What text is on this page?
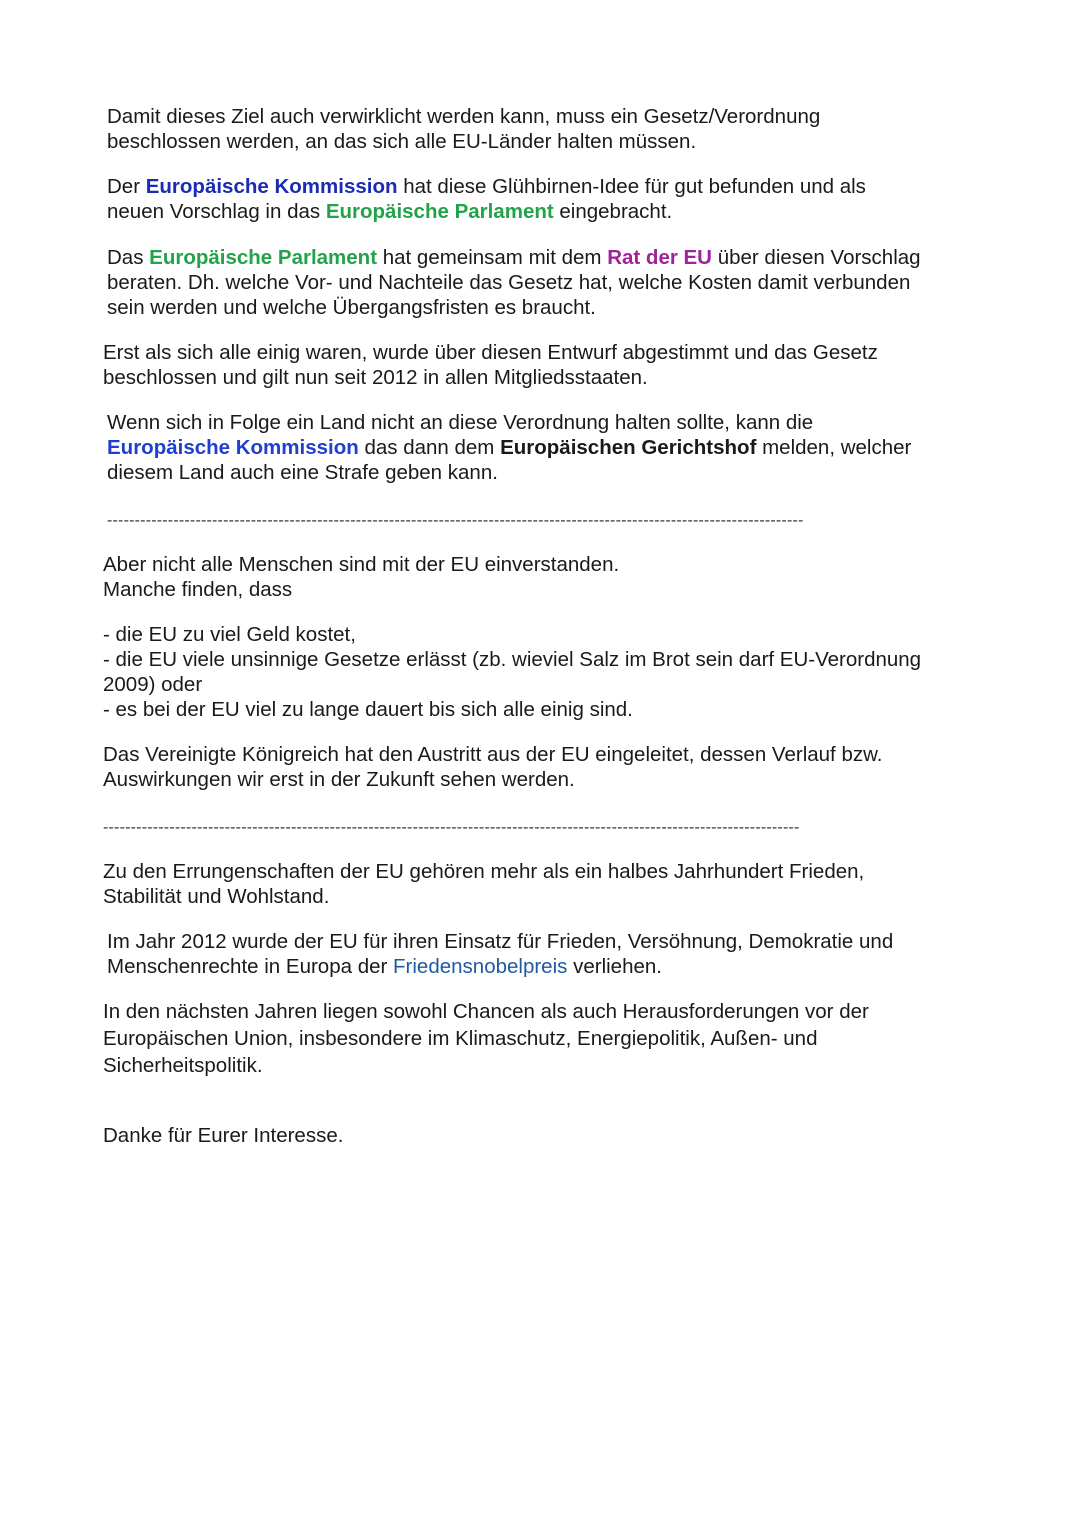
Damit dieses Ziel auch verwirklicht werden kann, muss ein Gesetz/Verordnung
beschlossen werden, an das sich alle EU-Länder halten müssen.

Der Europäische Kommission hat diese Glühbirnen-Idee für gut befunden und als
neuen Vorschlag in das Europäische Parlament eingebracht.

Das Europäische Parlament hat gemeinsam mit dem Rat der EU über diesen Vorschlag
beraten. Dh. welche Vor- und Nachteile das Gesetz hat, welche Kosten damit verbunden
sein werden und welche Übergangsfristen es braucht.

Erst als sich alle einig waren, wurde über diesen Entwurf abgestimmt und das Gesetz
beschlossen und gilt nun seit 2012 in allen Mitgliedsstaaten.

Wenn sich in Folge ein Land nicht an diese Verordnung halten sollte, kann die
Europäische Kommission das dann dem Europäischen Gerichtshof melden, welcher
diesem Land auch eine Strafe geben kann.

------------------------------------------------------------------------------------------------------------------------------

Aber nicht alle Menschen sind mit der EU einverstanden.
Manche finden, dass

- die EU zu viel Geld kostet,
- die EU viele unsinnige Gesetze erlässt (zb. wieviel Salz im Brot sein darf EU-Verordnung
2009) oder
- es bei der EU viel zu lange dauert bis sich alle einig sind.

Das Vereinigte Königreich hat den Austritt aus der EU eingeleitet, dessen Verlauf bzw.
Auswirkungen wir erst in der Zukunft sehen werden.

------------------------------------------------------------------------------------------------------------------------------

Zu den Errungenschaften der EU gehören mehr als ein halbes Jahrhundert Frieden,
Stabilität und Wohlstand.

Im Jahr 2012 wurde der EU für ihren Einsatz für Frieden, Versöhnung, Demokratie und
Menschenrechte in Europa der Friedensnobelpreis verliehen.

In den nächsten Jahren liegen sowohl Chancen als auch Herausforderungen vor der
Europäischen Union, insbesondere im Klimaschutz, Energiepolitik, Außen- und
Sicherheitspolitik.

Danke für Eurer Interesse.
